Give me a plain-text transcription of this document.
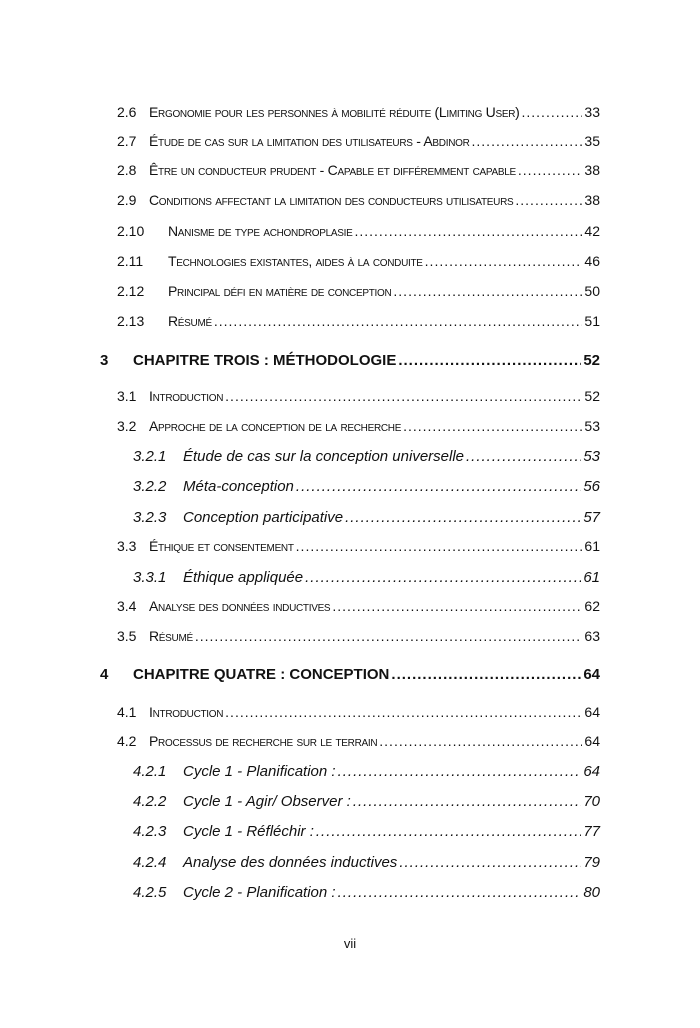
2.6 Ergonomie pour les personnes à mobilité réduite (Limiting User) .....	33
2.7 Étude de cas sur la limitation des utilisateurs - Abdinor .....	35
2.8 Être un conducteur prudent - Capable et différemment capable .....	38
2.9 Conditions affectant la limitation des conducteurs utilisateurs .....	38
2.10 Nanisme de type achondroplasie .....	42
2.11 Technologies existantes, aides à la conduite .....	46
2.12 Principal défi en matière de conception .....	50
2.13 Résumé .....	51
3 CHAPITRE TROIS : MÉTHODOLOGIE .....	52
3.1 Introduction .....	52
3.2 Approche de la conception de la recherche .....	53
3.2.1 Étude de cas sur la conception universelle .....	53
3.2.2 Méta-conception .....	56
3.2.3 Conception participative .....	57
3.3 Éthique et consentement .....	61
3.3.1 Éthique appliquée .....	61
3.4 Analyse des données inductives .....	62
3.5 Résumé .....	63
4 CHAPITRE QUATRE : CONCEPTION .....	64
4.1 Introduction .....	64
4.2 Processus de recherche sur le terrain .....	64
4.2.1 Cycle 1 - Planification : .....	64
4.2.2 Cycle 1 - Agir/ Observer : .....	70
4.2.3 Cycle 1 - Réfléchir : .....	77
4.2.4 Analyse des données inductives .....	79
4.2.5 Cycle 2 - Planification : .....	80
vii
